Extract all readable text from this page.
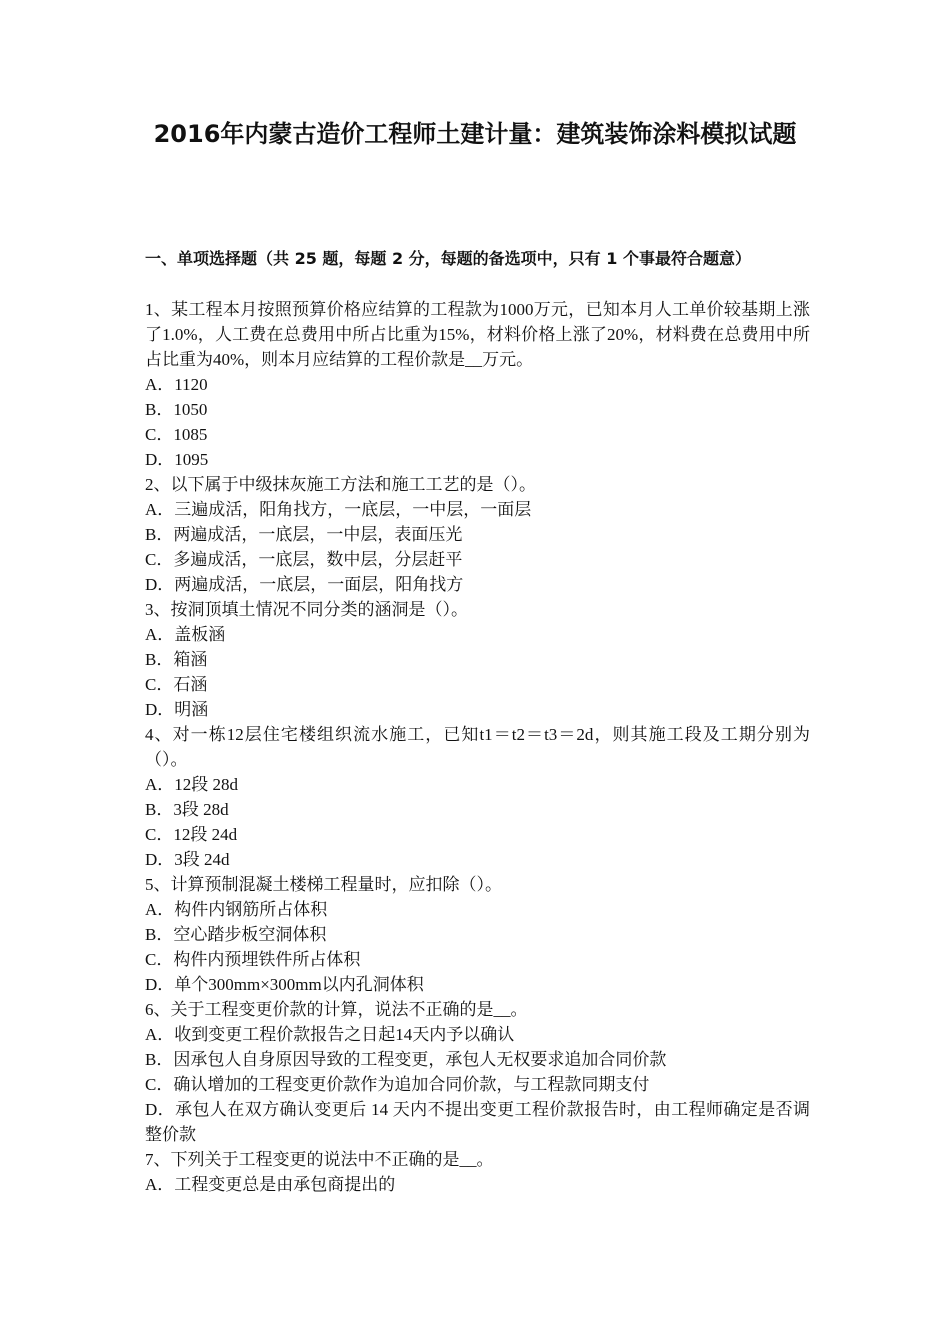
2016年内蒙古造价工程师土建计量：建筑装饰涂料模拟试题
一、单项选择题（共 25 题，每题 2 分，每题的备选项中，只有 1 个事最符合题意）

1、某工程本月按照预算价格应结算的工程款为1000万元，已知本月人工单价较基期上涨了1.0%，人工费在总费用中所占比重为15%，材料价格上涨了20%，材料费在总费用中所占比重为40%，则本月应结算的工程价款是__万元。

A．1120

B．1050

C．1085

D．1095

2、以下属于中级抹灰施工方法和施工工艺的是（）。

A．三遍成活，阳角找方，一底层，一中层，一面层

B．两遍成活，一底层，一中层，表面压光

C．多遍成活，一底层，数中层，分层赶平

D．两遍成活，一底层，一面层，阳角找方

3、按洞顶填土情况不同分类的涵洞是（）。

A．盖板涵

B．箱涵

C．石涵

D．明涵

4、对一栋12层住宅楼组织流水施工，已知t1＝t2＝t3＝2d，则其施工段及工期分别为（）。

A．12段 28d

B．3段 28d

C．12段 24d

D．3段 24d

5、计算预制混凝土楼梯工程量时，应扣除（）。

A．构件内钢筋所占体积

B．空心踏步板空洞体积

C．构件内预埋铁件所占体积

D．单个300mm×300mm以内孔洞体积

6、关于工程变更价款的计算，说法不正确的是__。

A．收到变更工程价款报告之日起14天内予以确认

B．因承包人自身原因导致的工程变更，承包人无权要求追加合同价款

C．确认增加的工程变更价款作为追加合同价款，与工程款同期支付

D．承包人在双方确认变更后 14 天内不提出变更工程价款报告时，由工程师确定是否调整价款

7、下列关于工程变更的说法中不正确的是__。

A．工程变更总是由承包商提出的
